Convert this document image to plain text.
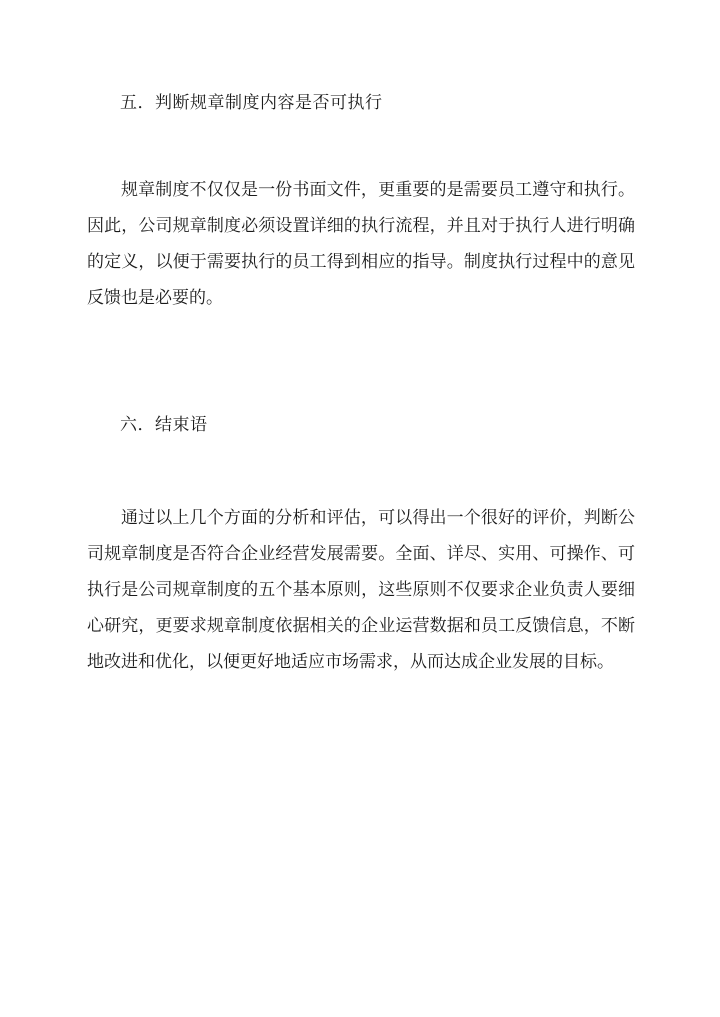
五．判断规章制度内容是否可执行
规章制度不仅仅是一份书面文件，更重要的是需要员工遵守和执行。
因此，公司规章制度必须设置详细的执行流程，并且对于执行人进行明确
的定义，以便于需要执行的员工得到相应的指导。制度执行过程中的意见
反馈也是必要的。
六．结束语
通过以上几个方面的分析和评估，可以得出一个很好的评价，判断公
司规章制度是否符合企业经营发展需要。全面、详尽、实用、可操作、可
执行是公司规章制度的五个基本原则，这些原则不仅要求企业负责人要细
心研究，更要求规章制度依据相关的企业运营数据和员工反馈信息，不断
地改进和优化，以便更好地适应市场需求，从而达成企业发展的目标。
